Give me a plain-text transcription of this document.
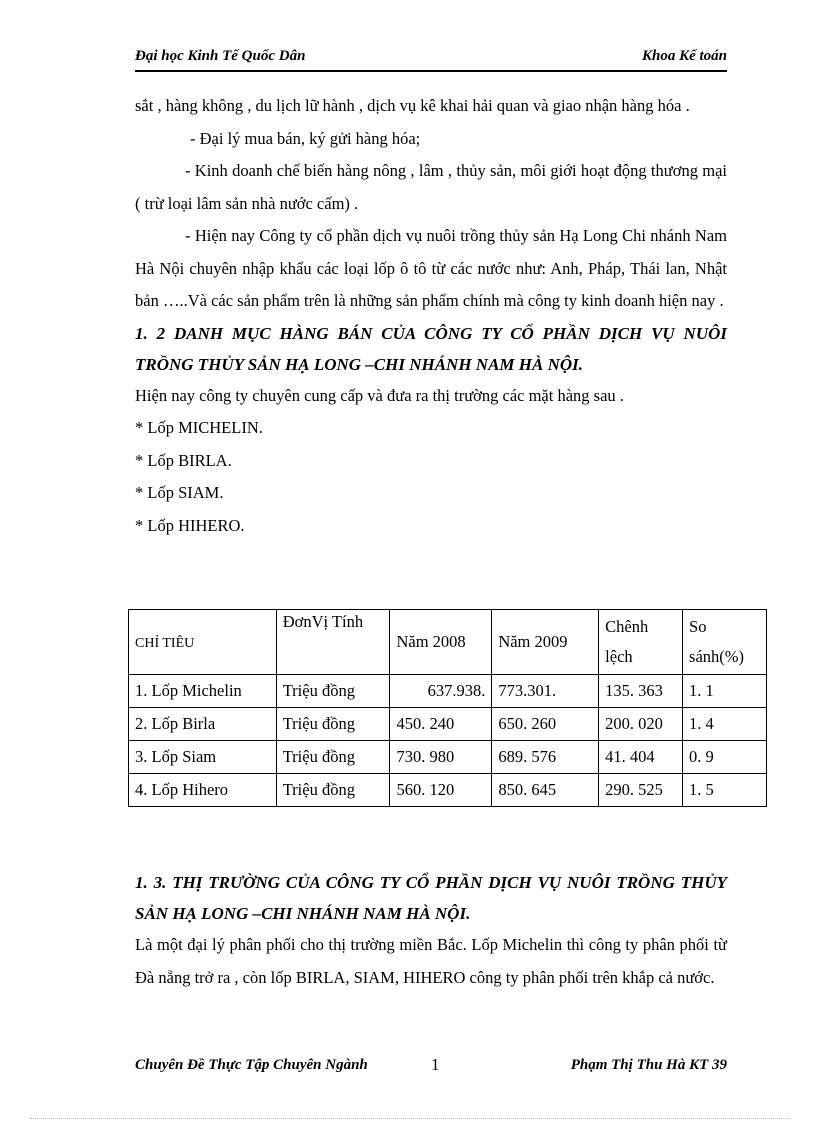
Đại học Kinh Tế Quốc Dân	Khoa Kế toán

sắt , hàng không , du lịch lữ hành , dịch vụ kê khai hải quan và giao nhận hàng hóa .

- Đại lý mua bán, ký gửi hàng hóa;

- Kinh doanh chế biến hàng nông , lâm , thủy sản, môi giới hoạt động thương mại ( trừ loại lâm sản nhà nước cấm) .

- Hiện nay Công ty cổ phần dịch vụ nuôi trồng thủy sản Hạ Long Chi nhánh Nam Hà Nội chuyên nhập khẩu các loại lốp ô tô từ các nước như: Anh, Pháp, Thái lan, Nhật bản …..Và các sản phẩm trên là những sản phẩm chính mà công ty kinh doanh hiện nay .

1. 2 DANH MỤC HÀNG BÁN CỦA CÔNG TY CỔ PHẦN DỊCH VỤ NUÔI TRỒNG THỦY SẢN HẠ LONG –CHI NHÁNH NAM HÀ NỘI.

Hiện nay công ty chuyên cung cấp và đưa ra thị trường các mặt hàng sau .

* Lốp MICHELIN.

* Lốp BIRLA.

* Lốp SIAM.

* Lốp HIHERO.

CHỈ TIÊU	ĐơnVị Tính	Năm 2008	Năm 2009	Chênh lệch	So sánh(%)
1. Lốp Michelin	Triệu đồng	637.938.	773.301.	135. 363	1. 1
2. Lốp Birla	Triệu đồng	450. 240	650. 260	200. 020	1. 4
3. Lốp Siam	Triệu đồng	730. 980	689. 576	41. 404	0. 9
4. Lốp Hihero	Triệu đồng	560. 120	850. 645	290. 525	1. 5

1. 3. THỊ TRƯỜNG CỦA CÔNG TY CỔ PHẦN DỊCH VỤ NUÔI TRỒNG THỦY SẢN HẠ LONG –CHI NHÁNH NAM HÀ NỘI.

Là một đại lý phân phối cho thị trường miền Bắc. Lốp Michelin thì công ty phân phối từ Đà nẵng trở ra , còn lốp BIRLA, SIAM, HIHERO công ty phân phối trên khắp cả nước.

Chuyên Đề Thực Tập Chuyên Ngành	1	Phạm Thị Thu Hà KT 39
